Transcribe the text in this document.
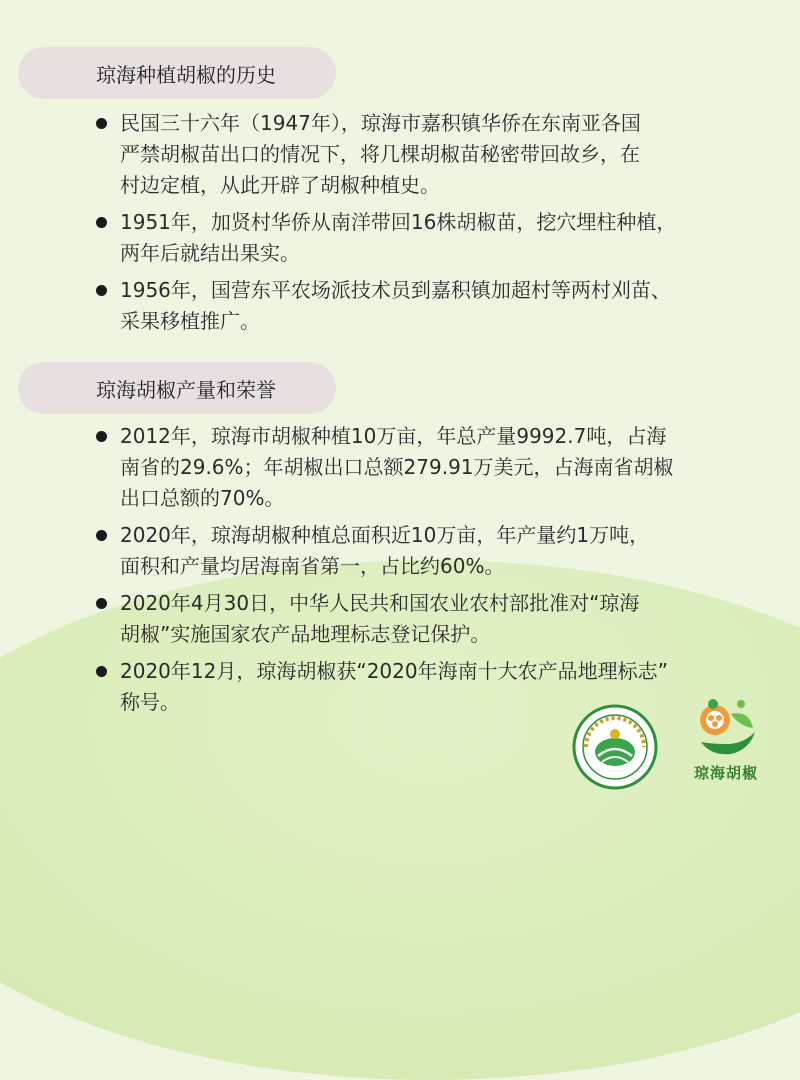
琼海种植胡椒的历史
民国三十六年（1947年），琼海市嘉积镇华侨在东南亚各国
严禁胡椒苗出口的情况下，将几棵胡椒苗秘密带回故乡，在
村边定植，从此开辟了胡椒种植史。
1951年，加贤村华侨从南洋带回16株胡椒苗，挖穴埋柱种植，
两年后就结出果实。
1956年，国营东平农场派技术员到嘉积镇加超村等两村刈苗、
采果移植推广。
琼海胡椒产量和荣誉
2012年，琼海市胡椒种植10万亩，年总产量9992.7吨，占海
南省的29.6%；年胡椒出口总额279.91万美元，占海南省胡椒
出口总额的70%。
2020年，琼海胡椒种植总面积近10万亩，年产量约1万吨，
面积和产量均居海南省第一，占比约60%。
2020年4月30日，中华人民共和国农业农村部批准对“琼海
胡椒”实施国家农产品地理标志登记保护。
2020年12月，琼海胡椒获“2020年海南十大农产品地理标志”
称号。
琼海胡椒
